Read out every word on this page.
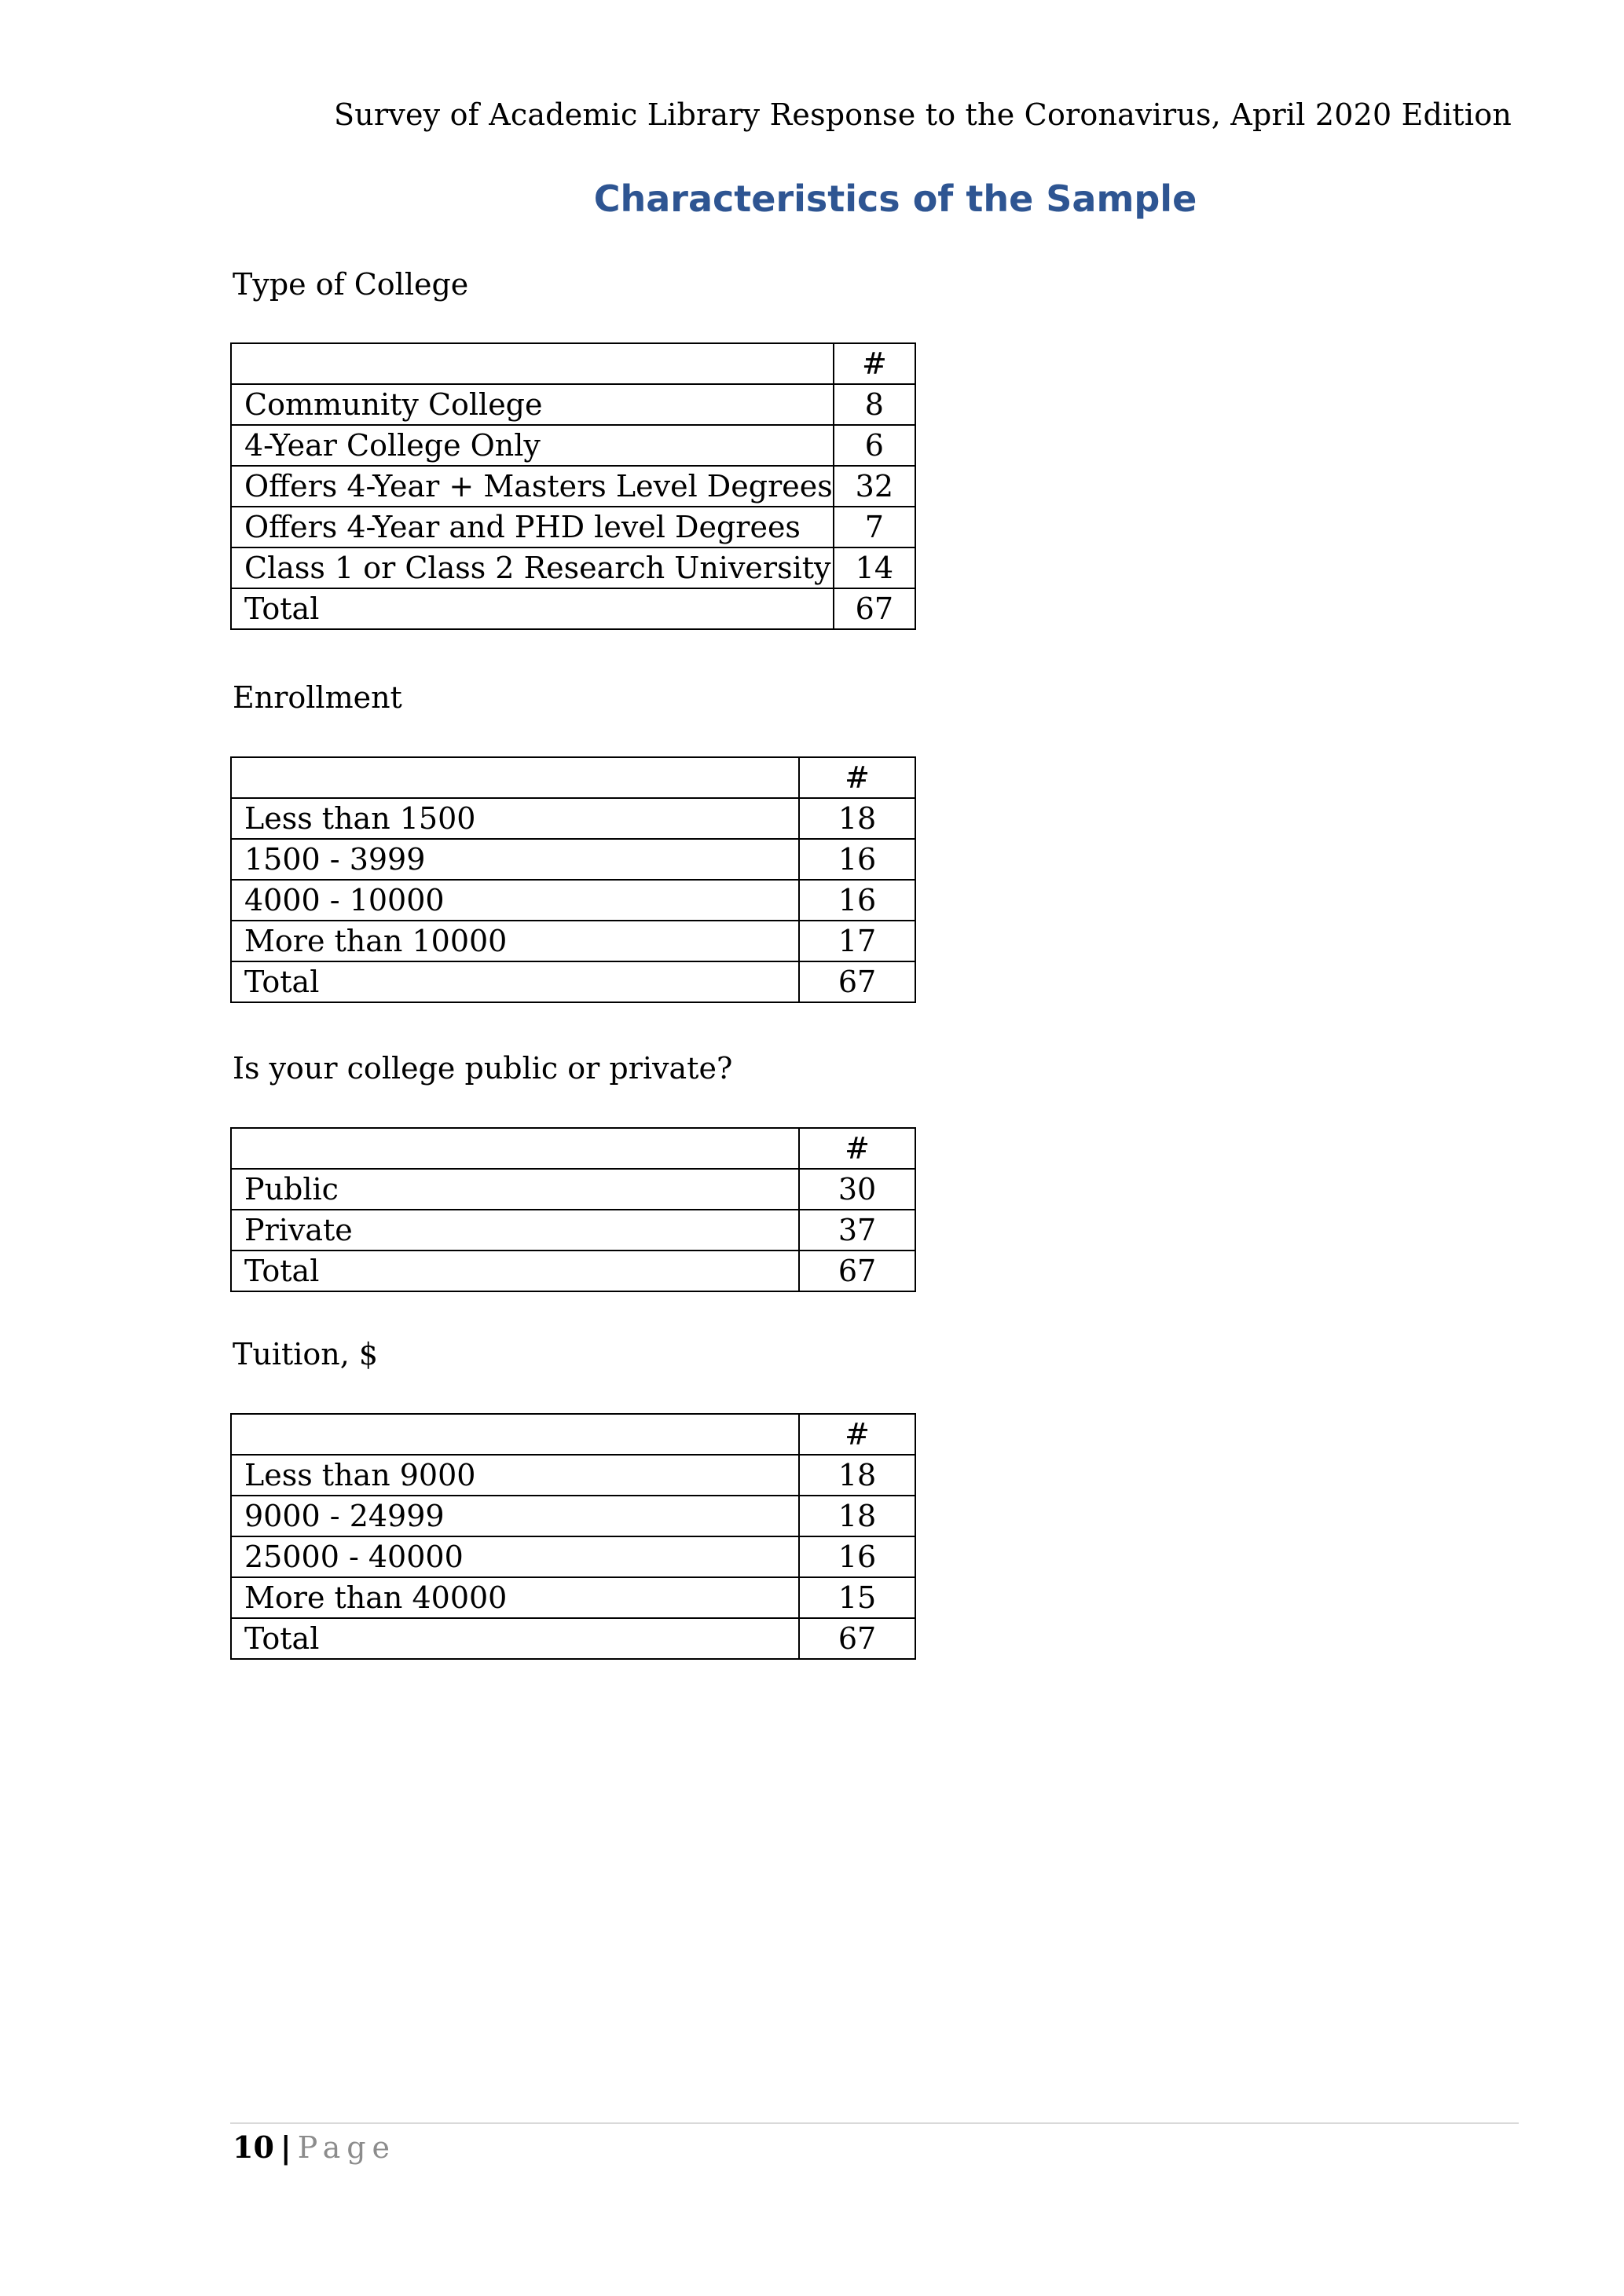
Survey of Academic Library Response to the Coronavirus, April 2020 Edition
Characteristics of the Sample
Type of College
	#
Community College	8
4-Year College Only	6
Offers 4-Year + Masters Level Degrees	32
Offers 4-Year and PHD level Degrees	7
Class 1 or Class 2 Research University	14
Total	67
Enrollment
	#
Less than 1500	18
1500 - 3999	16
4000 - 10000	16
More than 10000	17
Total	67
Is your college public or private?
	#
Public	30
Private	37
Total	67
Tuition, $
	#
Less than 9000	18
9000 - 24999	18
25000 - 40000	16
More than 40000	15
Total	67
10 | Page
